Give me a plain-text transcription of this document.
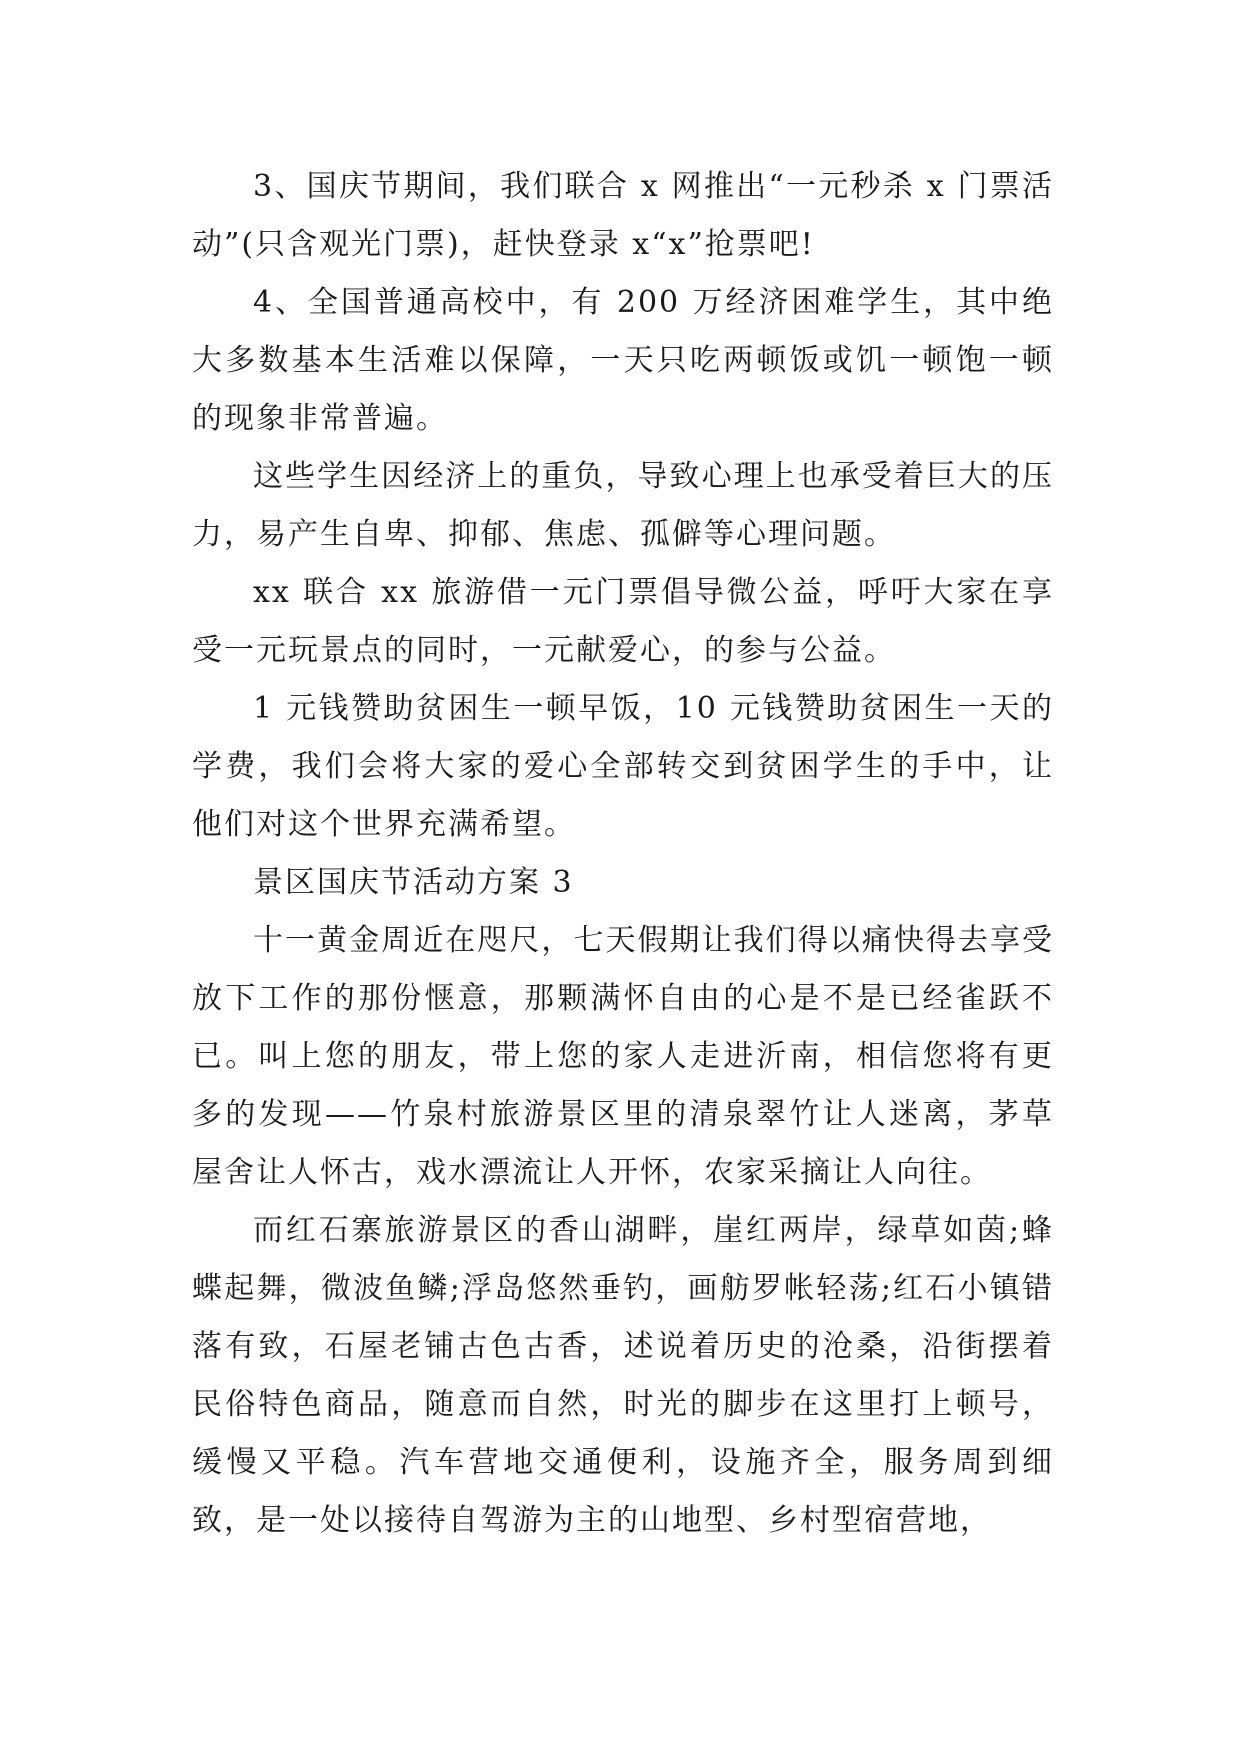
3、国庆节期间，我们联合 x 网推出“一元秒杀 x 门票活动”(只含观光门票)，赶快登录 x“x”抢票吧!

4、全国普通高校中，有 200 万经济困难学生，其中绝大多数基本生活难以保障，一天只吃两顿饭或饥一顿饱一顿的现象非常普遍。

这些学生因经济上的重负，导致心理上也承受着巨大的压力，易产生自卑、抑郁、焦虑、孤僻等心理问题。

xx 联合 xx 旅游借一元门票倡导微公益，呼吁大家在享受一元玩景点的同时，一元献爱心，的参与公益。

1 元钱赞助贫困生一顿早饭，10 元钱赞助贫困生一天的学费，我们会将大家的爱心全部转交到贫困学生的手中，让他们对这个世界充满希望。

景区国庆节活动方案 3

十一黄金周近在咫尺，七天假期让我们得以痛快得去享受放下工作的那份惬意，那颗满怀自由的心是不是已经雀跃不已。叫上您的朋友，带上您的家人走进沂南，相信您将有更多的发现——竹泉村旅游景区里的清泉翠竹让人迷离，茅草屋舍让人怀古，戏水漂流让人开怀，农家采摘让人向往。

而红石寨旅游景区的香山湖畔，崖红两岸，绿草如茵;蜂蝶起舞，微波鱼鳞;浮岛悠然垂钓，画舫罗帐轻荡;红石小镇错落有致，石屋老铺古色古香，述说着历史的沧桑，沿街摆着民俗特色商品，随意而自然，时光的脚步在这里打上顿号，缓慢又平稳。汽车营地交通便利，设施齐全，服务周到细致，是一处以接待自驾游为主的山地型、乡村型宿营地，
